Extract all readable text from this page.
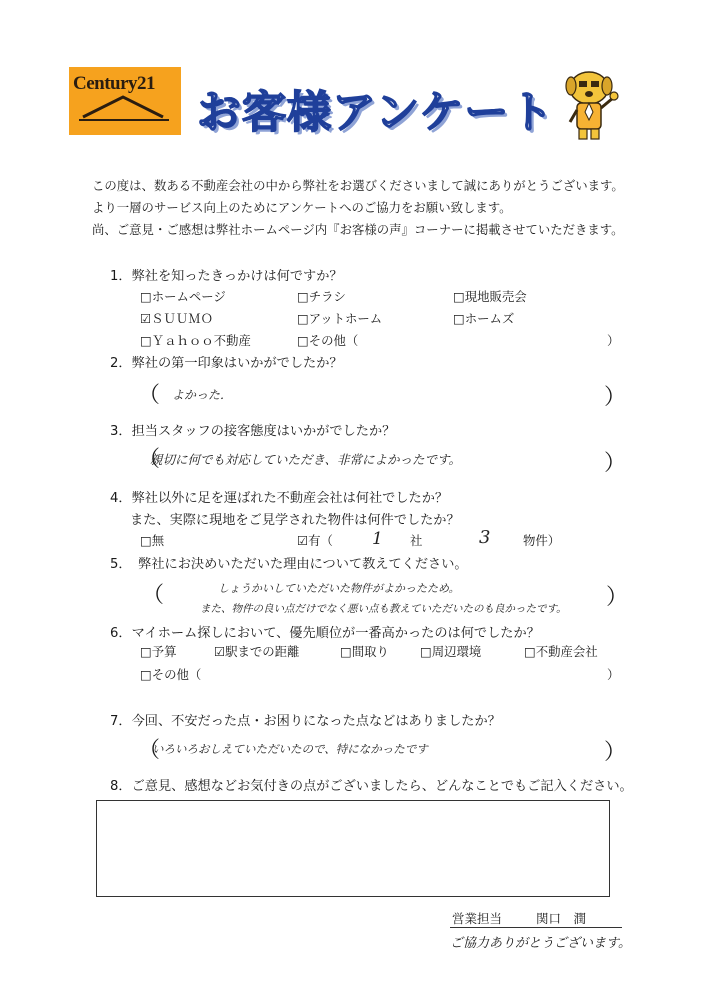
Century21
お客様アンケート
この度は、数ある不動産会社の中から弊社をお選びくださいまして誠にありがとうございます。
より一層のサービス向上のためにアンケートへのご協力をお願い致します。
尚、ご意見・ご感想は弊社ホームページ内『お客様の声』コーナーに掲載させていただきます。
1．弊社を知ったきっかけは何ですか？
□ホームページ	□チラシ	□現地販売会
☑ＳＵＵＭＯ	□アットホーム	□ホームズ
□Ｙａｈｏｏ不動産	□その他（	）
2．弊社の第一印象はいかがでしたか？
（ よかった．	）
3．担当スタッフの接客態度はいかがでしたか？
（
親切に何でも対応していただき、非常によかったです。	）
4．弊社以外に足を運ばれた不動産会社は何社でしたか？
また、実際に現地をご見学された物件は何件でしたか？
□無	☑有（ 1 社	3	物件）
5．　弊社にお決めいただいた理由について教えてください。
（	しょうかいしていただいた物件がよかったため。
また、物件の良い点だけでなく悪い点も教えていただいたのも良かったです。 ）
6．マイホーム探しにおいて、優先順位が一番高かったのは何でしたか？
□予算	☑駅までの距離	□間取り	□周辺環境	□不動産会社
□その他（	）
7．今回、不安だった点・お困りになった点などはありましたか？
（
いろいろおしえていただいたので、特になかったです	）
8．ご意見、感想などお気付きの点がございましたら、どんなことでもご記入ください。
営業担当	関口　潤
ご協力ありがとうございます。
